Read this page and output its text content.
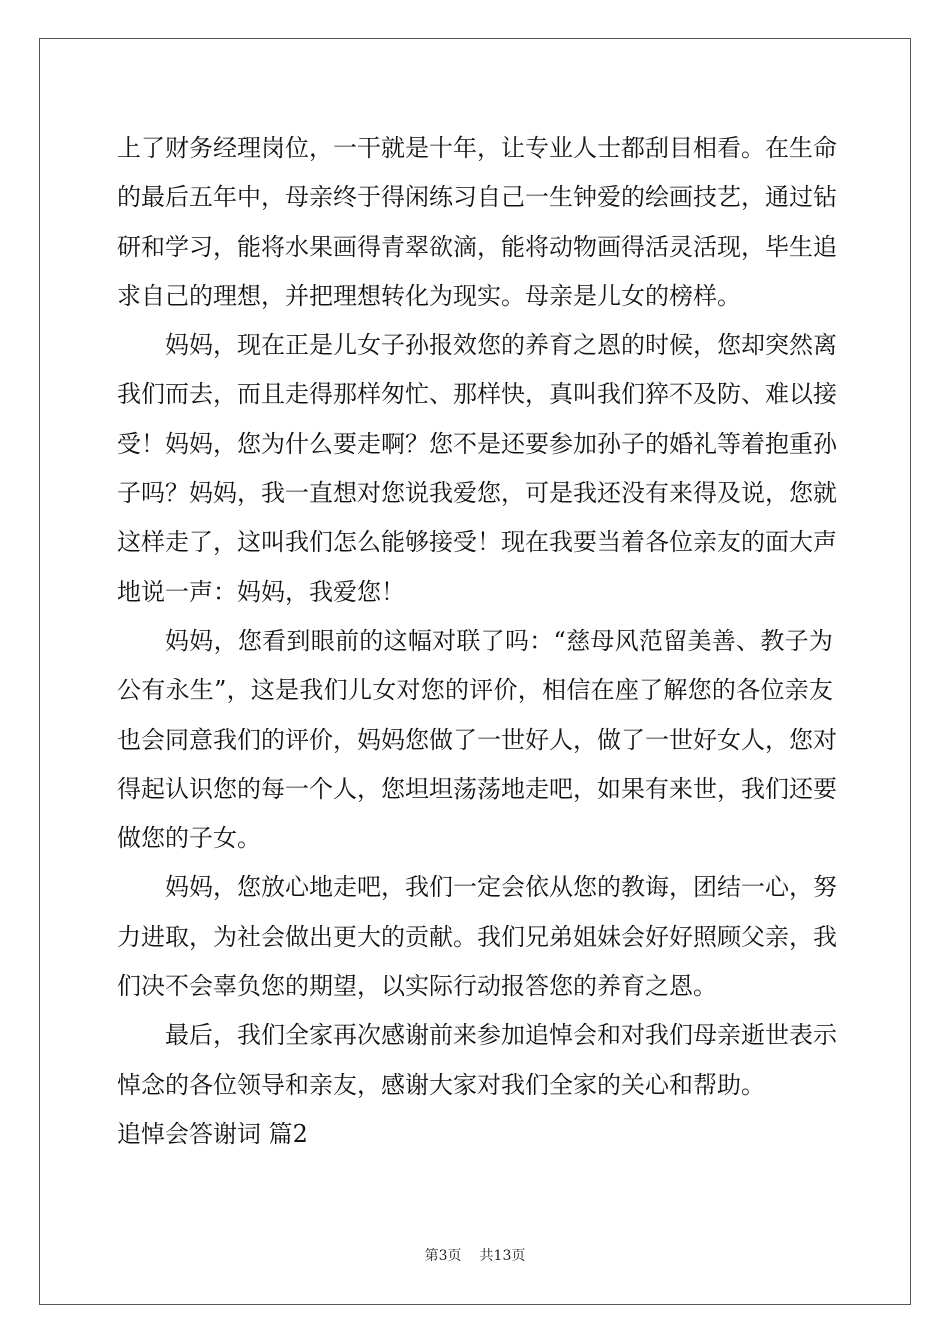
上 了 财 务 经 理 岗 位 ， 一 干 就 是 十 年 ， 让 专 业 人 士 都 刮 目 相 看 。 在 生 命
的 最 后 五 年 中 ， 母 亲 终 于 得 闲 练 习 自 己 一 生 钟 爱 的 绘 画 技 艺 ， 通 过 钻
研 和 学 习 ， 能 将 水 果 画 得 青 翠 欲 滴 ， 能 将 动 物 画 得 活 灵 活 现 ， 毕 生 追
求自己的理想，并把理想转化为现实。母亲是儿女的榜样。
妈 妈 ， 现 在 正 是 儿 女 子 孙 报 效 您 的 养 育 之 恩 的 时 候 ， 您 却 突 然 离
我 们 而 去 ， 而 且 走 得 那 样 匆 忙 、 那 样 快 ， 真 叫 我 们 猝 不 及 防 、 难 以 接
受 ！ 妈 妈 ， 您 为 什 么 要 走 啊 ？ 您 不 是 还 要 参 加 孙 子 的 婚 礼 等 着 抱 重 孙
子 吗 ？ 妈 妈 ， 我 一 直 想 对 您 说 我 爱 您 ， 可 是 我 还 没 有 来 得 及 说 ， 您 就
这 样 走 了 ， 这 叫 我 们 怎 么 能 够 接 受 ！ 现 在 我 要 当 着 各 位 亲 友 的 面 大 声
地说一声：妈妈，我爱您！
妈 妈 ， 您 看 到 眼 前 的 这 幅 对 联 了 吗 ： “ 慈 母 风 范 留 美 善 、 教 子 为
公 有 永 生 ” ， 这 是 我 们 儿 女 对 您 的 评 价 ， 相 信 在 座 了 解 您 的 各 位 亲 友
也 会 同 意 我 们 的 评 价 ， 妈 妈 您 做 了 一 世 好 人 ， 做 了 一 世 好 女 人 ， 您 对
得 起 认 识 您 的 每 一 个 人 ， 您 坦 坦 荡 荡 地 走 吧 ， 如 果 有 来 世 ， 我 们 还 要
做您的子女。
妈 妈 ， 您 放 心 地 走 吧 ， 我 们 一 定 会 依 从 您 的 教 诲 ， 团 结 一 心 ， 努
力 进 取 ， 为 社 会 做 出 更 大 的 贡 献 。 我 们 兄 弟 姐 妹 会 好 好 照 顾 父 亲 ， 我
们决不会辜负您的期望，以实际行动报答您的养育之恩。
最 后 ， 我 们 全 家 再 次 感 谢 前 来 参 加 追 悼 会 和 对 我 们 母 亲 逝 世 表 示
悼念的各位领导和亲友，感谢大家对我们全家的关心和帮助。
追悼会答谢词 篇2
第3页 共13页
